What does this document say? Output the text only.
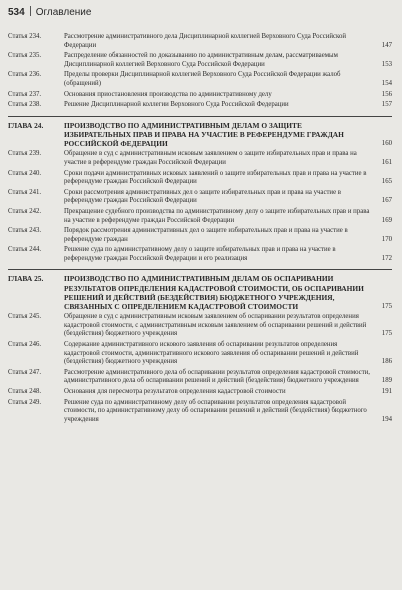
534 Оглавление
Статья 234.	Рассмотрение административного дела Дисциплинарной коллегией Верховного Суда Российской Федерации	147
Статья 235.	Распределение обязанностей по доказыванию по административным делам, рассматриваемым Дисциплинарной коллегией Верховного Суда Российской Федерации	153
Статья 236.	Пределы проверки Дисциплинарной коллегией Верховного Суда Российской Федерации жалоб (обращений)	154
Статья 237.	Основания приостановления производства по административному делу	156
Статья 238.	Решение Дисциплинарной коллегии Верховного Суда Российской Федерации	157
ГЛАВА 24.	ПРОИЗВОДСТВО ПО АДМИНИСТРАТИВНЫМ ДЕЛАМ О ЗАЩИТЕ ИЗБИРАТЕЛЬНЫХ ПРАВ И ПРАВА НА УЧАСТИЕ В РЕФЕРЕНДУМЕ ГРАЖДАН РОССИЙСКОЙ ФЕДЕРАЦИИ	160
Статья 239.	Обращение в суд с административным исковым заявлением о защите избирательных прав и права на участие в референдуме граждан Российской Федерации	161
Статья 240.	Сроки подачи административных исковых заявлений о защите избирательных прав и права на участие в референдуме граждан Российской Федерации	165
Статья 241.	Сроки рассмотрения административных дел о защите избирательных прав и права на участие в референдуме граждан Российской Федерации	167
Статья 242.	Прекращение судебного производства по административному делу о защите избирательных прав и права на участие в референдуме граждан Российской Федерации	169
Статья 243.	Порядок рассмотрения административных дел о защите избирательных прав и права на участие в референдуме граждан	170
Статья 244.	Решение суда по административному делу о защите избирательных прав и права на участие в референдуме граждан Российской Федерации и его реализация	172
ГЛАВА 25.	ПРОИЗВОДСТВО ПО АДМИНИСТРАТИВНЫМ ДЕЛАМ ОБ ОСПАРИВАНИИ РЕЗУЛЬТАТОВ ОПРЕДЕЛЕНИЯ КАДАСТРОВОЙ СТОИМОСТИ, ОБ ОСПАРИВАНИИ РЕШЕНИЙ И ДЕЙСТВИЙ (БЕЗДЕЙСТВИЯ) БЮДЖЕТНОГО УЧРЕЖДЕНИЯ, СВЯЗАННЫХ С ОПРЕДЕЛЕНИЕМ КАДАСТРОВОЙ СТОИМОСТИ	175
Статья 245.	Обращение в суд с административным исковым заявлением об оспаривании результатов определения кадастровой стоимости, с административным исковым заявлением об оспаривании решений и действий (бездействия) бюджетного учреждения	175
Статья 246.	Содержание административного искового заявления об оспаривании результатов определения кадастровой стоимости, административного искового заявления об оспаривании решений и действий (бездействия) бюджетного учреждения	186
Статья 247.	Рассмотрение административного дела об оспаривании результатов определения кадастровой стоимости, административного дела об оспаривании решений и действий (бездействия) бюджетного учреждения	189
Статья 248.	Основания для пересмотра результатов определения кадастровой стоимости	191
Статья 249.	Решение суда по административному делу об оспаривании результатов определения кадастровой стоимости, по административному делу об оспаривании решений и действий (бездействия) бюджетного учреждения	194
